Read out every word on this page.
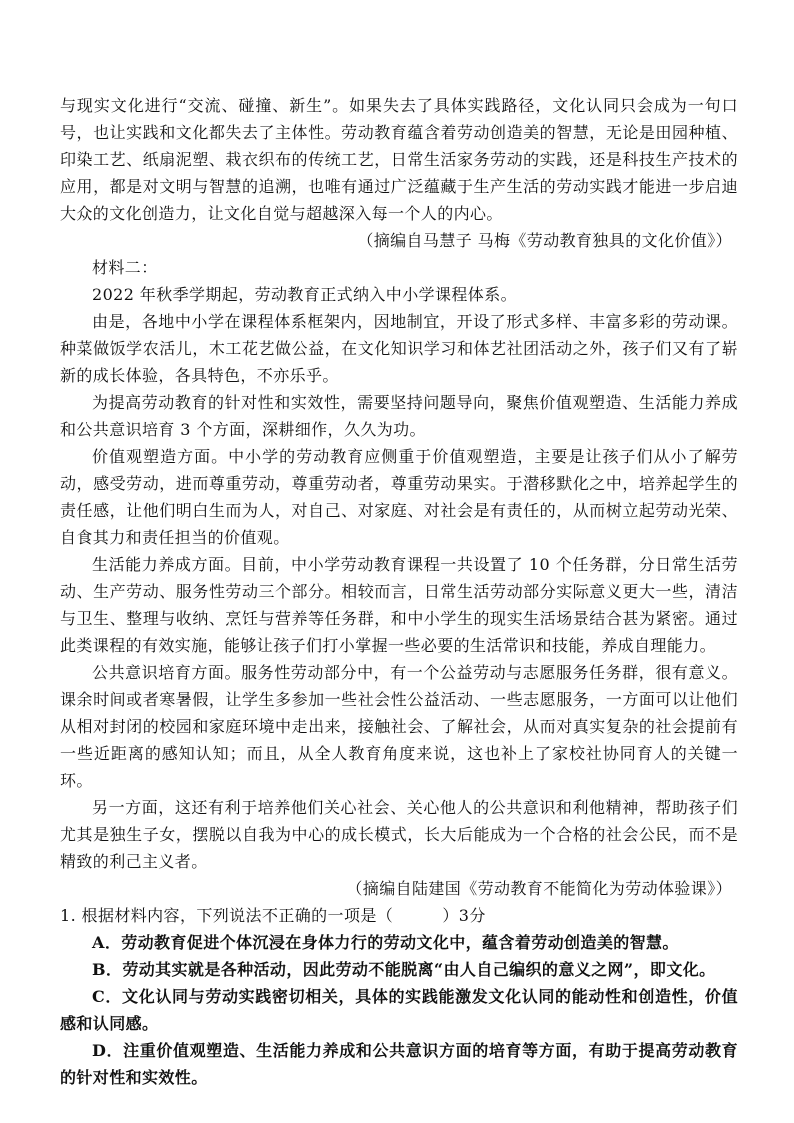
与现实文化进行“交流、碰撞、新生”。如果失去了具体实践路径，文化认同只会成为一句口号，也让实践和文化都失去了主体性。劳动教育蕴含着劳动创造美的智慧，无论是田园种植、印染工艺、纸扇泥塑、栽衣织布的传统工艺，日常生活家务劳动的实践，还是科技生产技术的应用，都是对文明与智慧的追溯，也唯有通过广泛蕴藏于生产生活的劳动实践才能进一步启迪大众的文化创造力，让文化自觉与超越深入每一个人的内心。

（摘编自马慧子 马梅《劳动教育独具的文化价值》）

材料二：

2022 年秋季学期起，劳动教育正式纳入中小学课程体系。

由是，各地中小学在课程体系框架内，因地制宜，开设了形式多样、丰富多彩的劳动课。种菜做饭学农活儿，木工花艺做公益，在文化知识学习和体艺社团活动之外，孩子们又有了崭新的成长体验，各具特色，不亦乐乎。

为提高劳动教育的针对性和实效性，需要坚持问题导向，聚焦价值观塑造、生活能力养成和公共意识培育 3 个方面，深耕细作，久久为功。

价值观塑造方面。中小学的劳动教育应侧重于价值观塑造，主要是让孩子们从小了解劳动，感受劳动，进而尊重劳动，尊重劳动者，尊重劳动果实。于潜移默化之中，培养起学生的责任感，让他们明白生而为人，对自己、对家庭、对社会是有责任的，从而树立起劳动光荣、自食其力和责任担当的价值观。

生活能力养成方面。目前，中小学劳动教育课程一共设置了 10 个任务群，分日常生活劳动、生产劳动、服务性劳动三个部分。相较而言，日常生活劳动部分实际意义更大一些，清洁与卫生、整理与收纳、烹饪与营养等任务群，和中小学生的现实生活场景结合甚为紧密。通过此类课程的有效实施，能够让孩子们打小掌握一些必要的生活常识和技能，养成自理能力。

公共意识培育方面。服务性劳动部分中，有一个公益劳动与志愿服务任务群，很有意义。课余时间或者寒暑假，让学生多参加一些社会性公益活动、一些志愿服务，一方面可以让他们从相对封闭的校园和家庭环境中走出来，接触社会、了解社会，从而对真实复杂的社会提前有一些近距离的感知认知；而且，从全人教育角度来说，这也补上了家校社协同育人的关键一环。

另一方面，这还有利于培养他们关心社会、关心他人的公共意识和利他精神，帮助孩子们尤其是独生子女，摆脱以自我为中心的成长模式，长大后能成为一个合格的社会公民，而不是精致的利己主义者。

（摘编自陆建国《劳动教育不能简化为劳动体验课》）

1. 根据材料内容，下列说法不正确的一项是（　　　）3分

A．劳动教育促进个体沉浸在身体力行的劳动文化中，蕴含着劳动创造美的智慧。

B．劳动其实就是各种活动，因此劳动不能脱离“由人自己编织的意义之网”，即文化。

C．文化认同与劳动实践密切相关，具体的实践能激发文化认同的能动性和创造性，价值感和认同感。

D．注重价值观塑造、生活能力养成和公共意识方面的培育等方面，有助于提高劳动教育的针对性和实效性。
